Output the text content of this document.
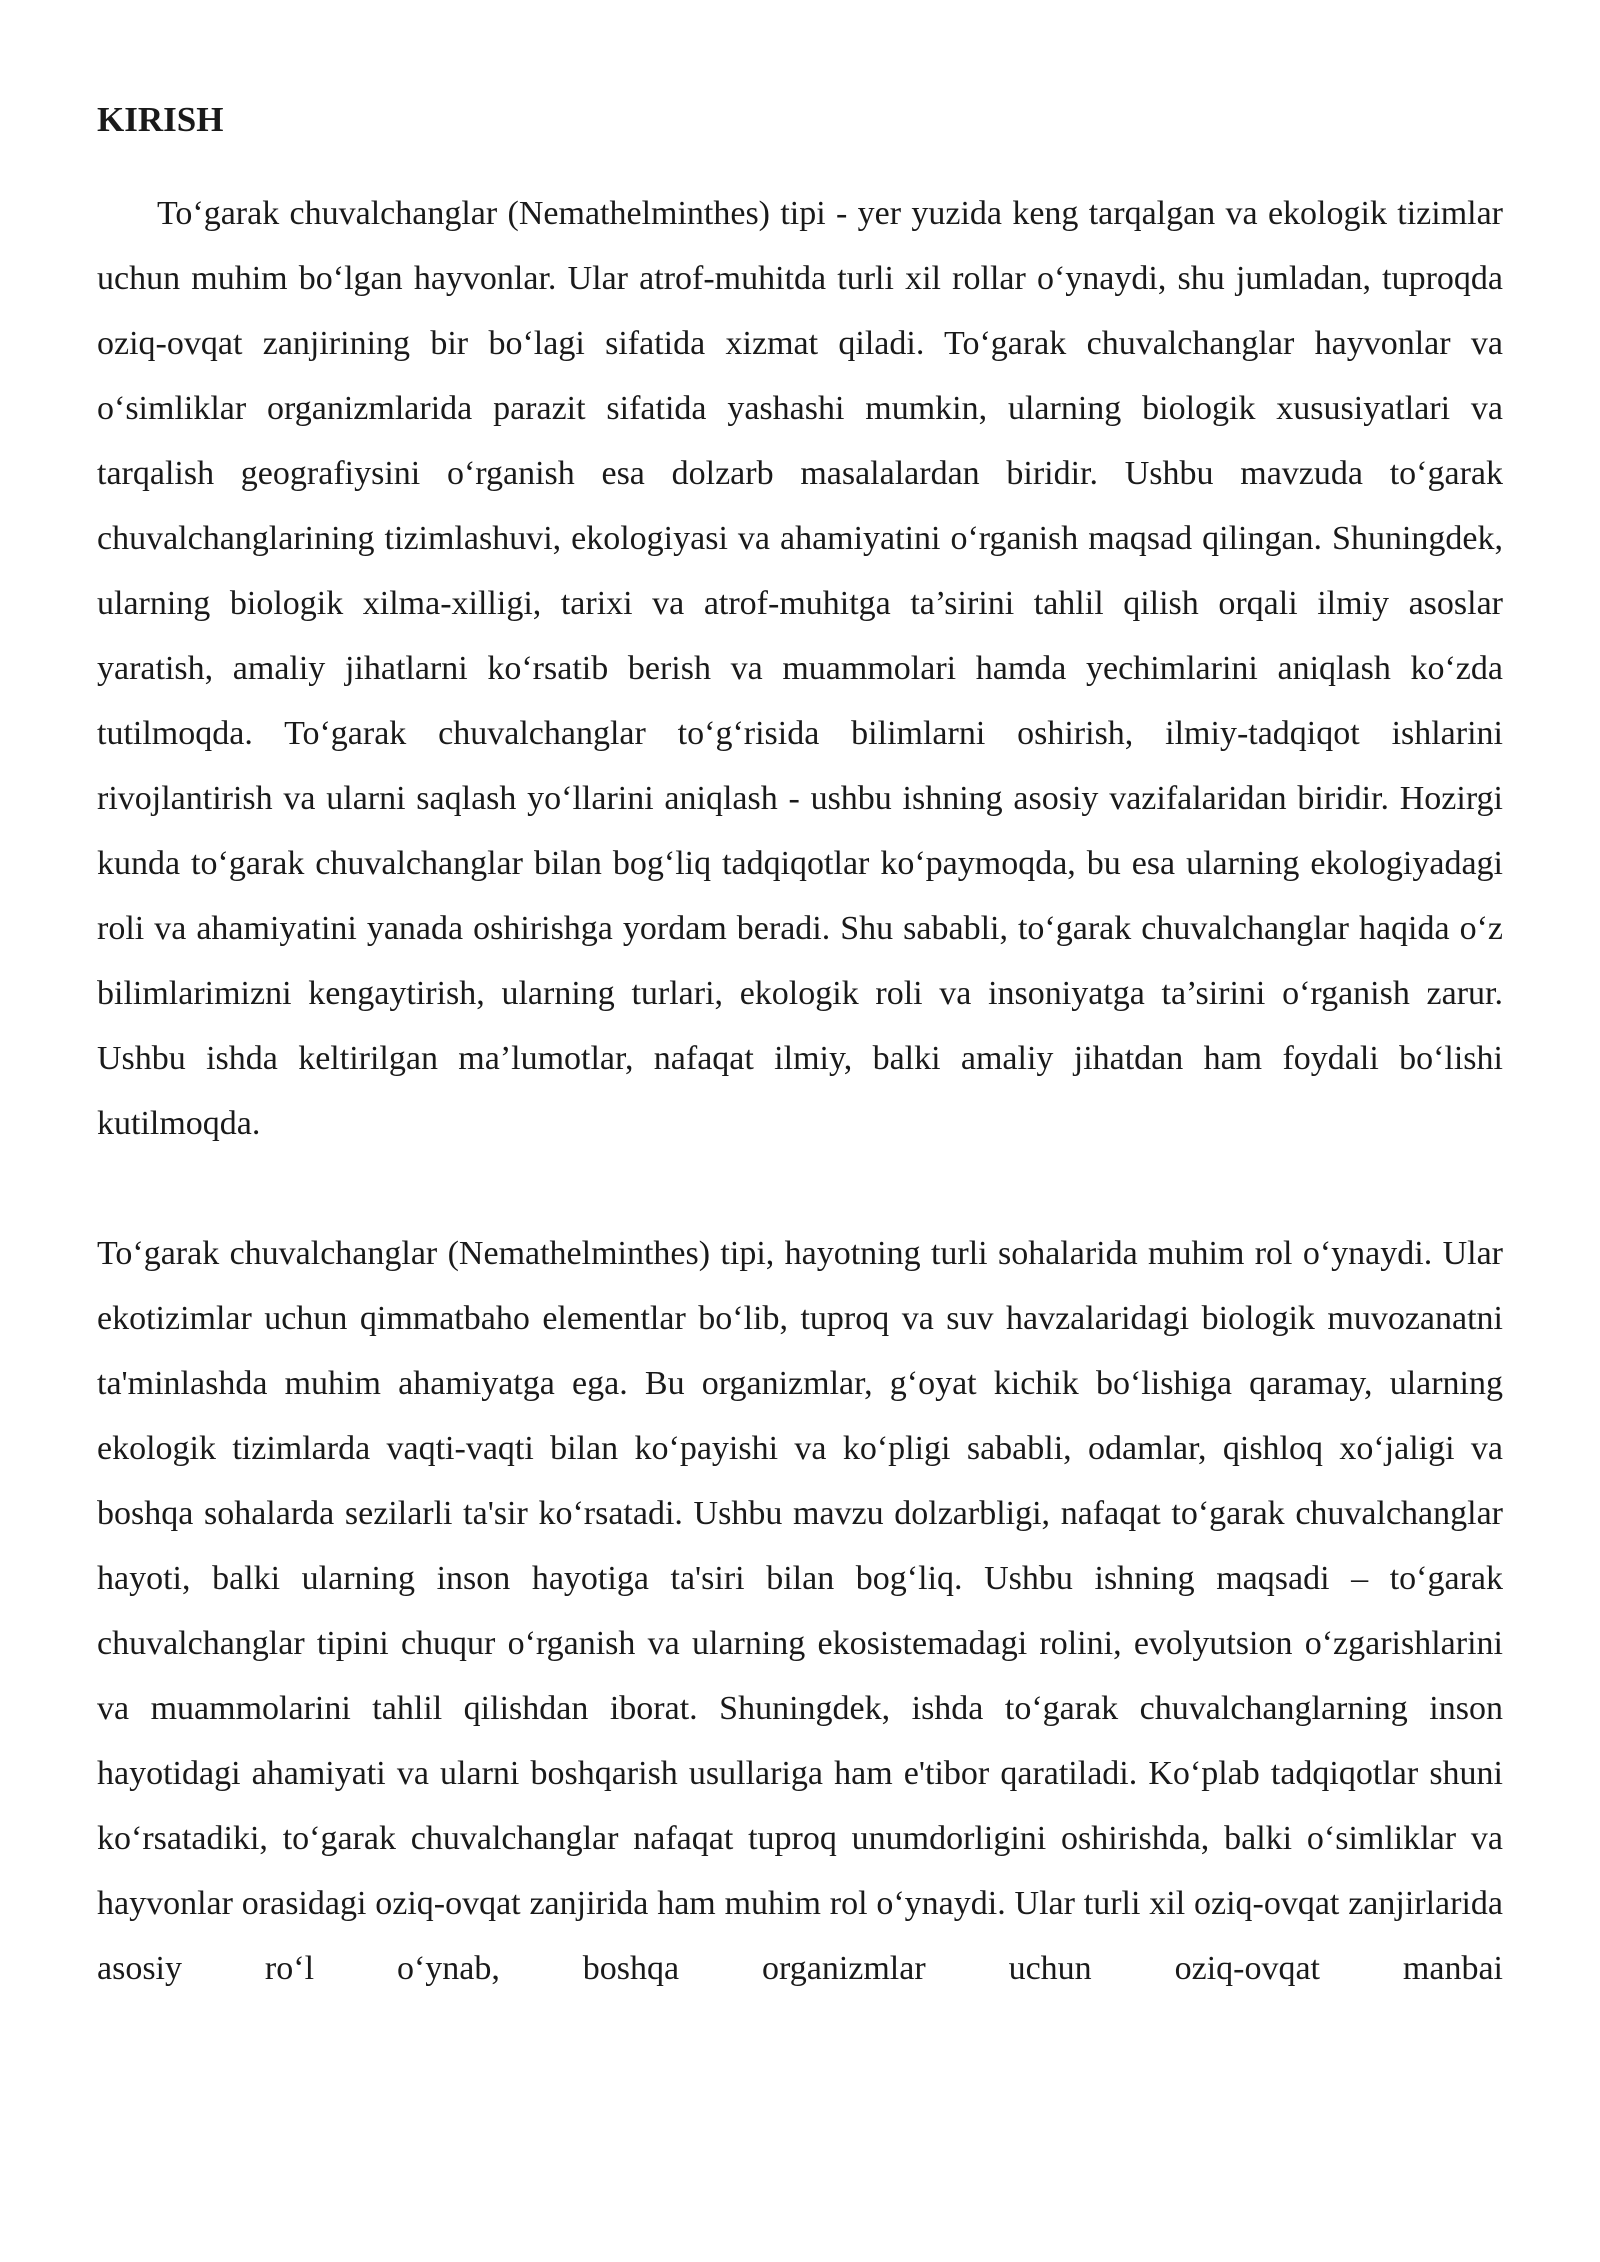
KIRISH

To‘garak chuvalchanglar (Nemathelminthes) tipi - yer yuzida keng tarqalgan va ekologik tizimlar uchun muhim bo‘lgan hayvonlar. Ular atrof-muhitda turli xil rollar o‘ynaydi, shu jumladan, tuproqda oziq-ovqat zanjirining bir bo‘lagi sifatida xizmat qiladi. To‘garak chuvalchanglar hayvonlar va o‘simliklar organizmlarida parazit sifatida yashashi mumkin, ularning biologik xususiyatlari va tarqalish geografiysini o‘rganish esa dolzarb masalalardan biridir. Ushbu mavzuda to‘garak chuvalchanglarining tizimlashuvi, ekologiyasi va ahamiyatini o‘rganish maqsad qilingan. Shuningdek, ularning biologik xilma-xilligi, tarixi va atrof-muhitga ta’sirini tahlil qilish orqali ilmiy asoslar yaratish, amaliy jihatlarni ko‘rsatib berish va muammolari hamda yechimlarini aniqlash ko‘zda tutilmoqda. To‘garak chuvalchanglar to‘g‘risida bilimlarni oshirish, ilmiy-tadqiqot ishlarini rivojlantirish va ularni saqlash yo‘llarini aniqlash - ushbu ishning asosiy vazifalaridan biridir. Hozirgi kunda to‘garak chuvalchanglar bilan bog‘liq tadqiqotlar ko‘paymoqda, bu esa ularning ekologiyadagi roli va ahamiyatini yanada oshirishga yordam beradi. Shu sababli, to‘garak chuvalchanglar haqida o‘z bilimlarimizni kengaytirish, ularning turlari, ekologik roli va insoniyatga ta’sirini o‘rganish zarur. Ushbu ishda keltirilgan ma’lumotlar, nafaqat ilmiy, balki amaliy jihatdan ham foydali bo‘lishi kutilmoqda.

To‘garak chuvalchanglar (Nemathelminthes) tipi, hayotning turli sohalarida muhim rol o‘ynaydi. Ular ekotizimlar uchun qimmatbaho elementlar bo‘lib, tuproq va suv havzalaridagi biologik muvozanatni ta'minlashda muhim ahamiyatga ega. Bu organizmlar, g‘oyat kichik bo‘lishiga qaramay, ularning ekologik tizimlarda vaqti-vaqti bilan ko‘payishi va ko‘pligi sababli, odamlar, qishloq xo‘jaligi va boshqa sohalarda sezilarli ta'sir ko‘rsatadi. Ushbu mavzu dolzarbligi, nafaqat to‘garak chuvalchanglar hayoti, balki ularning inson hayotiga ta'siri bilan bog‘liq. Ushbu ishning maqsadi – to‘garak chuvalchanglar tipini chuqur o‘rganish va ularning ekosistemadagi rolini, evolyutsion o‘zgarishlarini va muammolarini tahlil qilishdan iborat. Shuningdek, ishda to‘garak chuvalchanglarning inson hayotidagi ahamiyati va ularni boshqarish usullariga ham e'tibor qaratiladi. Ko‘plab tadqiqotlar shuni ko‘rsatadiki, to‘garak chuvalchanglar nafaqat tuproq unumdorligini oshirishda, balki o‘simliklar va hayvonlar orasidagi oziq-ovqat zanjirida ham muhim rol o‘ynaydi. Ular turli xil oziq-ovqat zanjirlarida asosiy ro‘l o‘ynab, boshqa organizmlar uchun oziq-ovqat manbai
